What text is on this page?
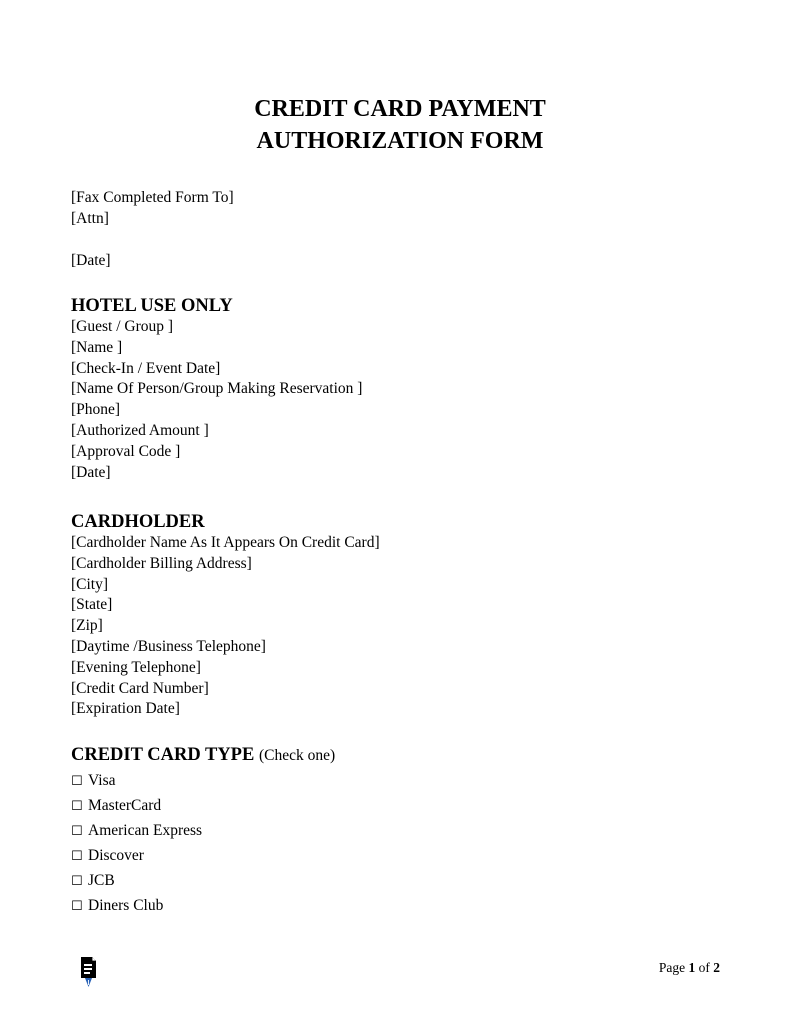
CREDIT CARD PAYMENT
AUTHORIZATION FORM
[Fax Completed Form To]
[Attn]
[Date]
HOTEL USE ONLY
[Guest / Group ]
[Name ]
[Check-In / Event Date]
[Name Of Person/Group Making Reservation ]
[Phone]
[Authorized Amount ]
[Approval Code ]
[Date]
CARDHOLDER
[Cardholder Name As It Appears On Credit Card]
[Cardholder Billing Address]
[City]
[State]
[Zip]
[Daytime /Business Telephone]
[Evening Telephone]
[Credit Card Number]
[Expiration Date]
CREDIT CARD TYPE (Check one)
☐ Visa
☐ MasterCard
☐ American Express
☐ Discover
☐ JCB
☐ Diners Club
Page 1 of 2
